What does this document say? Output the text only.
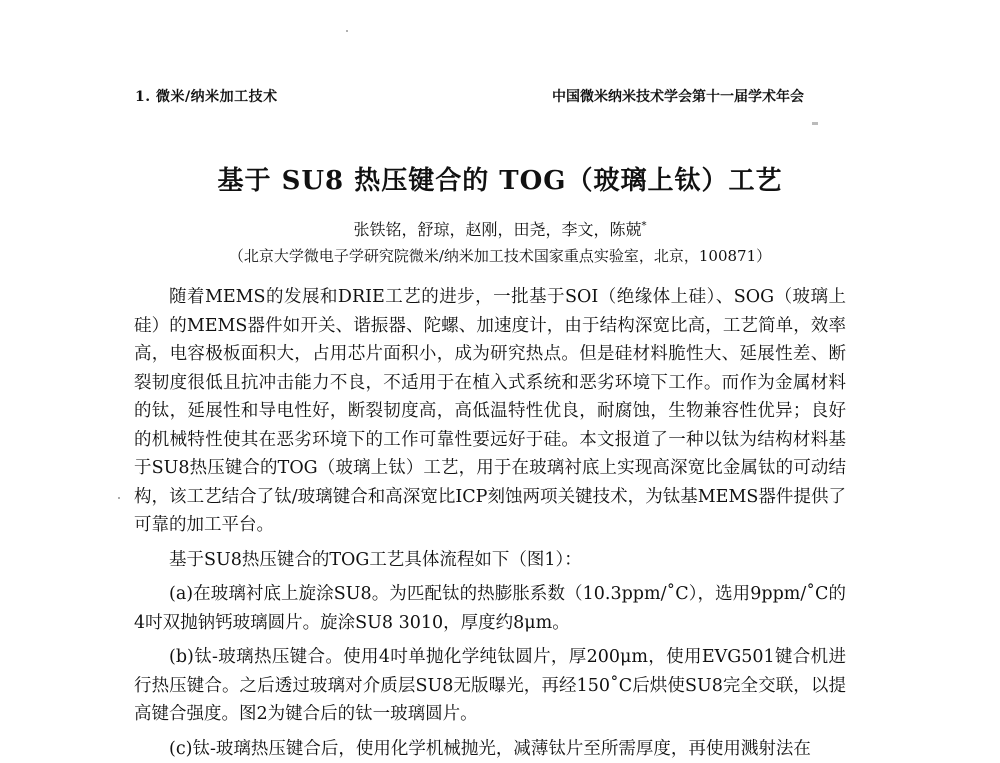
1. 微米/纳米加工技术	中国微米纳米技术学会第十一届学术年会
基于 SU8 热压键合的 TOG（玻璃上钛）工艺
张铁铭，舒琼，赵刚，田尧，李文，陈兢*
（北京大学微电子学研究院微米/纳米加工技术国家重点实验室，北京，100871）

随着MEMS的发展和DRIE工艺的进步，一批基于SOI（绝缘体上硅）、SOG（玻璃上硅）的MEMS器件如开关、谐振器、陀螺、加速度计，由于结构深宽比高，工艺简单，效率高，电容极板面积大，占用芯片面积小，成为研究热点。但是硅材料脆性大、延展性差、断裂韧度很低且抗冲击能力不良，不适用于在植入式系统和恶劣环境下工作。而作为金属材料的钛，延展性和导电性好，断裂韧度高，高低温特性优良，耐腐蚀，生物兼容性优异；良好的机械特性使其在恶劣环境下的工作可靠性要远好于硅。本文报道了一种以钛为结构材料基于SU8热压键合的TOG（玻璃上钛）工艺，用于在玻璃衬底上实现高深宽比金属钛的可动结构，该工艺结合了钛/玻璃键合和高深宽比ICP刻蚀两项关键技术，为钛基MEMS器件提供了可靠的加工平台。

基于SU8热压键合的TOG工艺具体流程如下（图1）：

(a)在玻璃衬底上旋涂SU8。为匹配钛的热膨胀系数（10.3ppm/˚C），选用9ppm/˚C的4吋双抛钠钙玻璃圆片。旋涂SU8 3010，厚度约8μm。

(b)钛-玻璃热压键合。使用4吋单抛化学纯钛圆片，厚200μm，使用EVG501键合机进行热压键合。之后透过玻璃对介质层SU8无版曝光，再经150˚C后烘使SU8完全交联，以提高键合强度。图2为键合后的钛一玻璃圆片。

(c)钛-玻璃热压键合后，使用化学机械抛光，减薄钛片至所需厚度，再使用溅射法在
